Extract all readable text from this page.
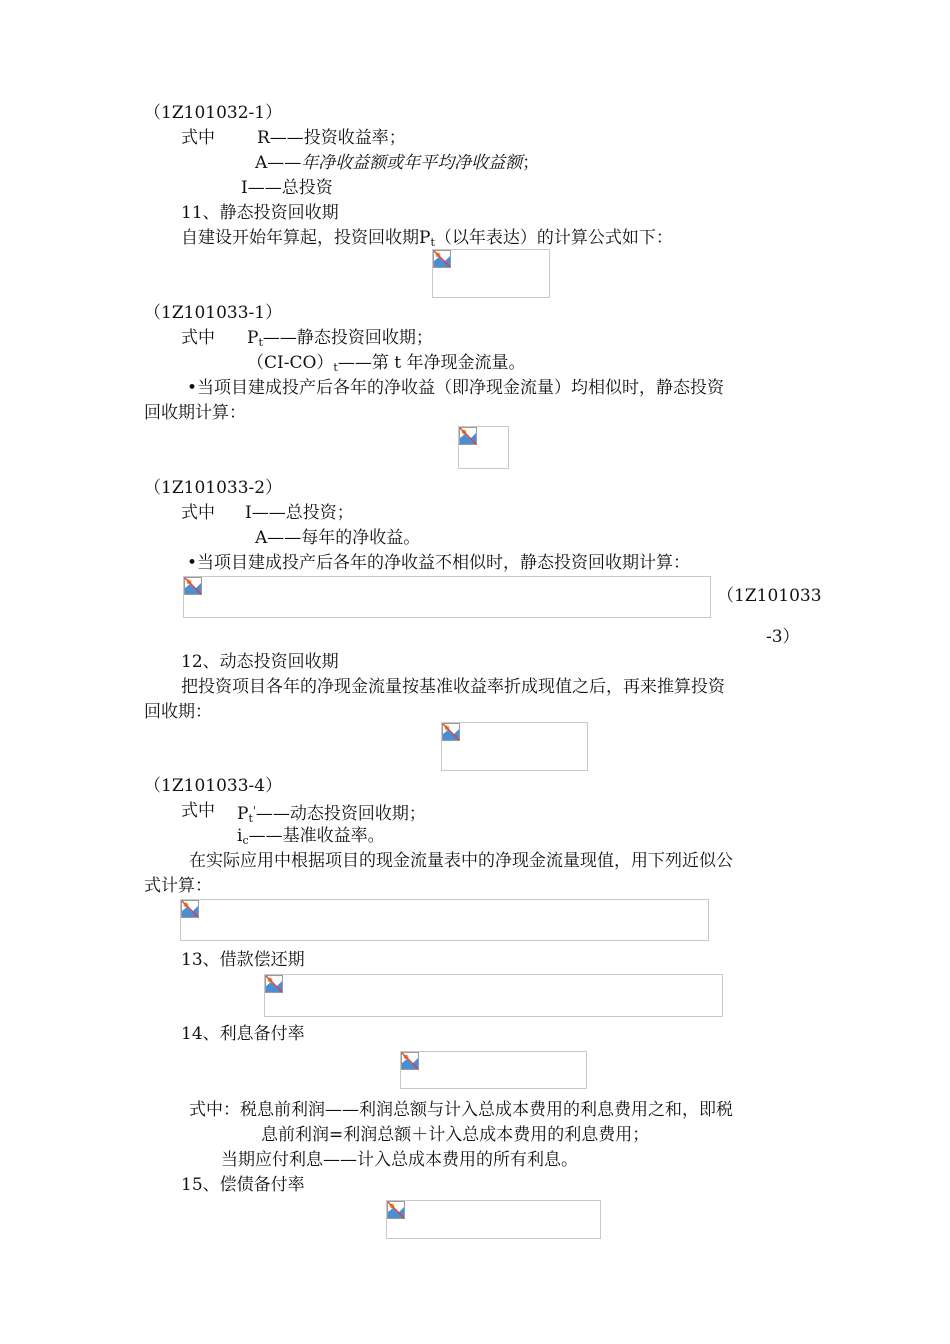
（1Z101032-1）
式中 R——投资收益率；
A——年净收益额或年平均净收益额；
I——总投资
11、静态投资回收期
自建设开始年算起，投资回收期$P_t$（以年表达）的计算公式如下：
（1Z101033-1）
式中 $P_t——$静态投资回收期；
$(CI-CO)_t——$第 t 年净现金流量。
•当项目建成投产后各年的净收益（即净现金流量）均相似时，静态投资
回收期计算：
（1Z101033-2）
式中 I——总投资；
A——每年的净收益。
•当项目建成投产后各年的净收益不相似时，静态投资回收期计算：
（1Z101033
-3）
12、动态投资回收期
把投资项目各年的净现金流量按基准收益率折成现值之后，再来推算投资
回收期：
（1Z101033-4）
式中 $P_t'——$动态投资回收期；
$i_c——$基准收益率。
在实际应用中根据项目的现金流量表中的净现金流量现值，用下列近似公
式计算：
13、借款偿还期
14、利息备付率
式中：税息前利润——利润总额与计入总成本费用的利息费用之和，即税
息前利润=利润总额＋计入总成本费用的利息费用；
当期应付利息——计入总成本费用的所有利息。
15、偿债备付率
